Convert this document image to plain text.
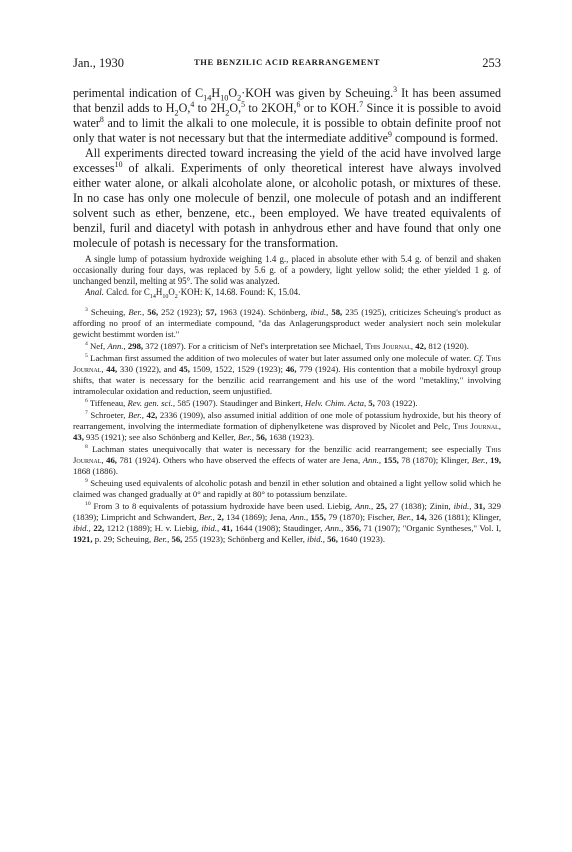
Jan., 1930	THE BENZILIC ACID REARRANGEMENT	253

perimental indication of $C_{14}H_{10}O_2\cdot KOH$ was given by Scheuing.$^3$ It has been assumed that benzil adds to $H_2O,^4$ to $2H_2O,^5$ to 2KOH,$^6$ or to KOH.$^7$ Since it is possible to avoid water$^8$ and to limit the alkali to one molecule, it is possible to obtain definite proof not only that water is not necessary but that the intermediate additive$^9$ compound is formed.

All experiments directed toward increasing the yield of the acid have involved large excesses$^{10}$ of alkali. Experiments of only theoretical interest have always involved either water alone, or alkali alcoholate alone, or alcoholic potash, or mixtures of these. In no case has only one molecule of benzil, one molecule of potash and an indifferent solvent such as ether, benzene, etc., been employed. We have treated equivalents of benzil, furil and diacetyl with potash in anhydrous ether and have found that only one molecule of potash is necessary for the transformation.

A single lump of potassium hydroxide weighing 1.4 g., placed in absolute ether with 5.4 g. of benzil and shaken occasionally during four days, was replaced by 5.6 g. of a powdery, light yellow solid; the ether yielded 1 g. of unchanged benzil, melting at 95°. The solid was analyzed.

Anal. Calcd. for $C_{14}H_{10}O_2\cdot KOH$: K, 14.68. Found: K, 15.04.

$^3$ Scheuing, Ber., 56, 252 (1923); 57, 1963 (1924). Schönberg, ibid., 58, 235 (1925), criticizes Scheuing's product as affording no proof of an intermediate compound, "da das Anlagerungsproduct weder analysiert noch sein molekular gewicht bestimmt worden ist."

$^4$ Nef, Ann., 298, 372 (1897). For a criticism of Nef's interpretation see Michael, This Journal, 42, 812 (1920).

$^5$ Lachman first assumed the addition of two molecules of water but later assumed only one molecule of water. Cf. This Journal, 44, 330 (1922), and 45, 1509, 1522, 1529 (1923); 46, 779 (1924). His contention that a mobile hydroxyl group shifts, that water is necessary for the benzilic acid rearrangement and his use of the word "metakliny," involving intramolecular oxidation and reduction, seem unjustified.

$^6$ Tiffeneau, Rev. gen. sci., 585 (1907). Staudinger and Binkert, Helv. Chim. Acta, 5, 703 (1922).

$^7$ Schroeter, Ber., 42, 2336 (1909), also assumed initial addition of one mole of potassium hydroxide, but his theory of rearrangement, involving the intermediate formation of diphenylketene was disproved by Nicolet and Pelc, This Journal, 43, 935 (1921); see also Schönberg and Keller, Ber., 56, 1638 (1923).

$^8$ Lachman states unequivocally that water is necessary for the benzilic acid rearrangement; see especially This Journal, 46, 781 (1924). Others who have observed the effects of water are Jena, Ann., 155, 78 (1870); Klinger, Ber., 19, 1868 (1886).

$^9$ Scheuing used equivalents of alcoholic potash and benzil in ether solution and obtained a light yellow solid which he claimed was changed gradually at 0° and rapidly at 80° to potassium benzilate.

$^{10}$ From 3 to 8 equivalents of potassium hydroxide have been used. Liebig, Ann., 25, 27 (1838); Zinin, ibid., 31, 329 (1839); Limpricht and Schwandert, Ber., 2, 134 (1869); Jena, Ann., 155, 79 (1870); Fischer, Ber., 14, 326 (1881); Klinger, ibid., 22, 1212 (1889); H. v. Liebig, ibid., 41, 1644 (1908); Staudinger, Ann., 356, 71 (1907); "Organic Syntheses," Vol. I, 1921, p. 29; Scheuing, Ber., 56, 255 (1923); Schönberg and Keller, ibid., 56, 1640 (1923).
